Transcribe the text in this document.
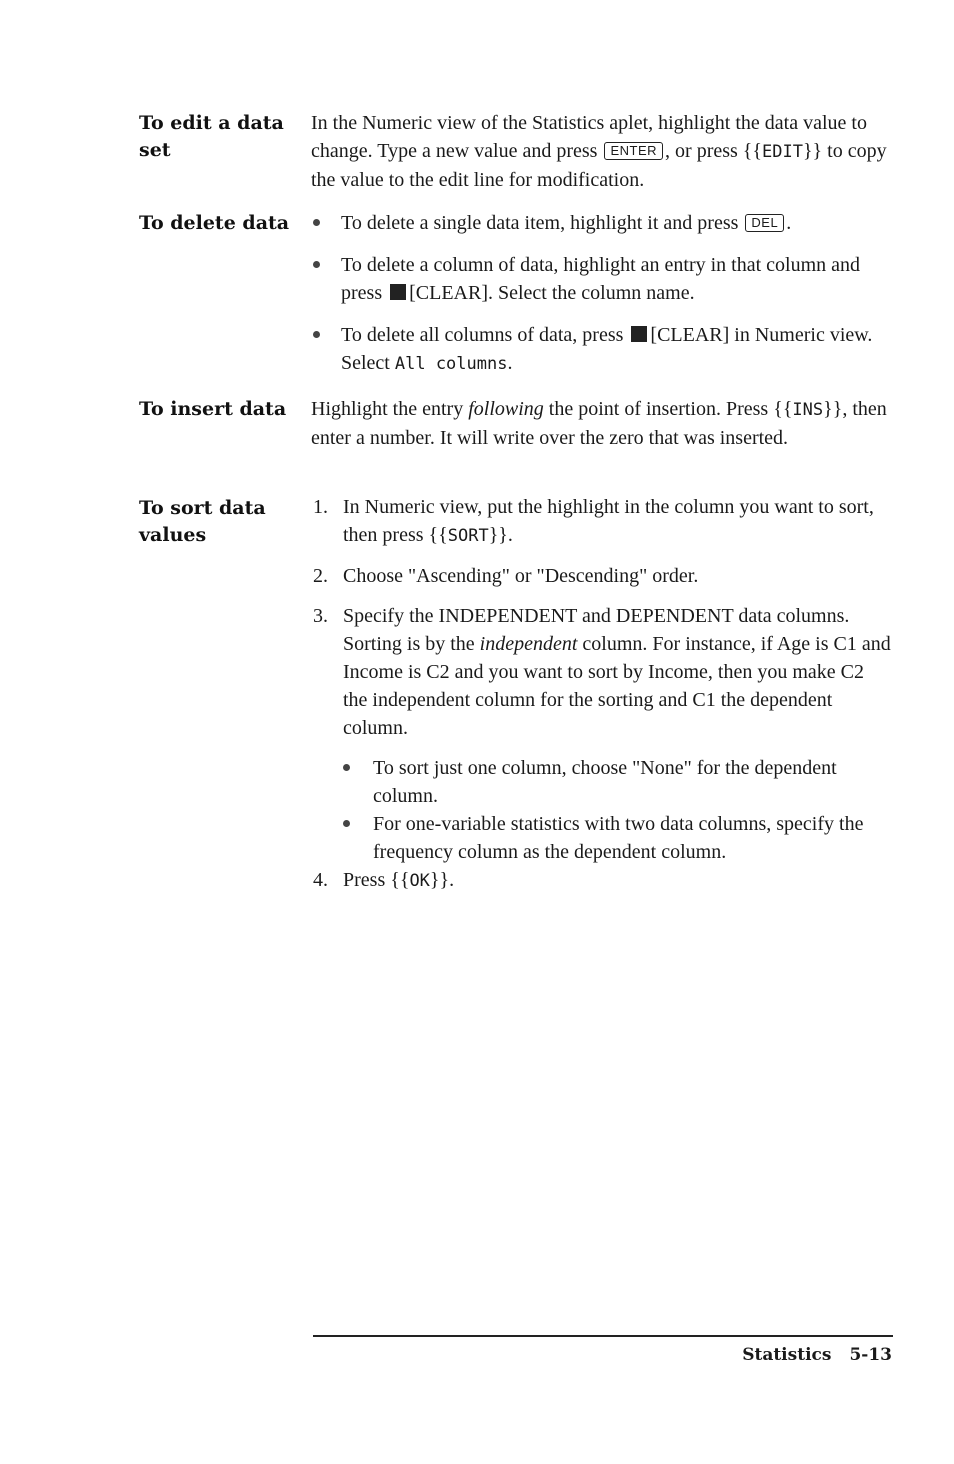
To edit a data set

In the Numeric view of the Statistics aplet, highlight the data value to change. Type a new value and press ENTER , or press {{EDIT}} to copy the value to the edit line for modification.

To delete data	To delete a single data item, highlight it and press DEL .
To delete a column of data, highlight an entry in that column and press [CLEAR]. Select the column name.
To delete all columns of data, press [CLEAR] in Numeric view. Select All columns.
To insert data	Highlight the entry following the point of insertion. Press {{INS}}, then enter a number. It will write over the zero that was inserted.

To sort data values
1. In Numeric view, put the highlight in the column you want to sort, then press {{SORT}}.
2. Choose "Ascending" or "Descending" order.
3. Specify the INDEPENDENT and DEPENDENT data columns. Sorting is by the independent column. For instance, if Age is C1 and Income is C2 and you want to sort by Income, then you make C2 the independent column for the sorting and C1 the dependent column.
To sort just one column, choose "None" for the dependent column.
For one-variable statistics with two data columns, specify the frequency column as the dependent column.
4. Press {{OK}}.
Statistics 5-13
